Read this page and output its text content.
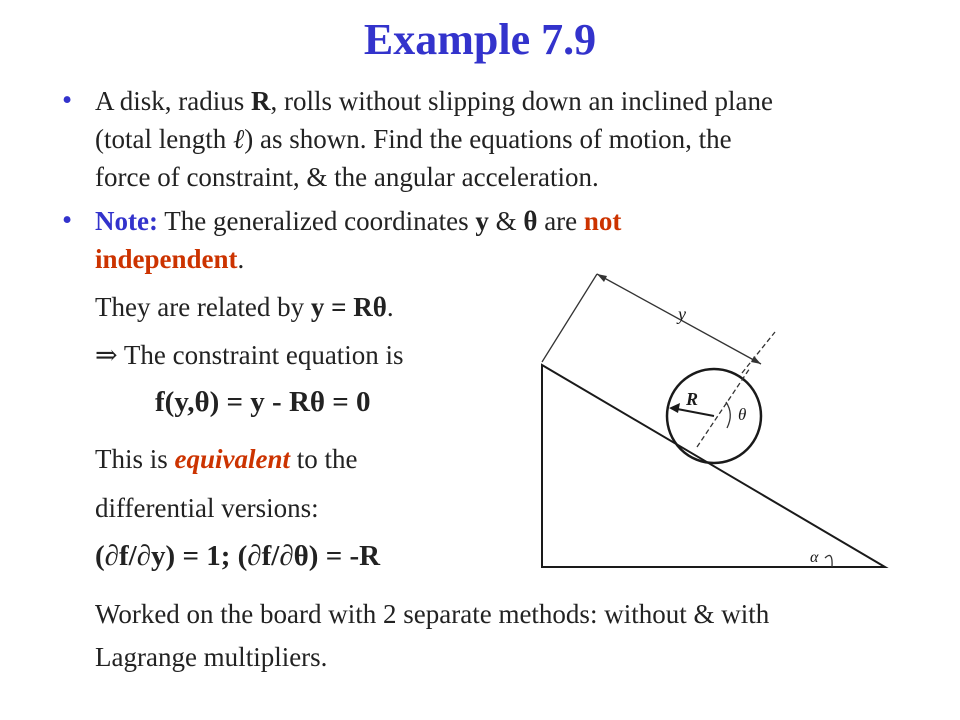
Example 7.9
• A disk, radius R, rolls without slipping down an inclined plane
(total length ℓ) as shown. Find the equations of motion, the
force of constraint, & the angular acceleration.
• Note: The generalized coordinates y & θ are not
independent.
They are related by y = Rθ.
⇒ The constraint equation is
f(y,θ) = y - Rθ = 0
This is equivalent to the
differential versions:
(∂f/∂y) = 1; (∂f/∂θ) = -R
Worked on the board with 2 separate methods: without & with
Lagrange multipliers.
y
R
θ
α
